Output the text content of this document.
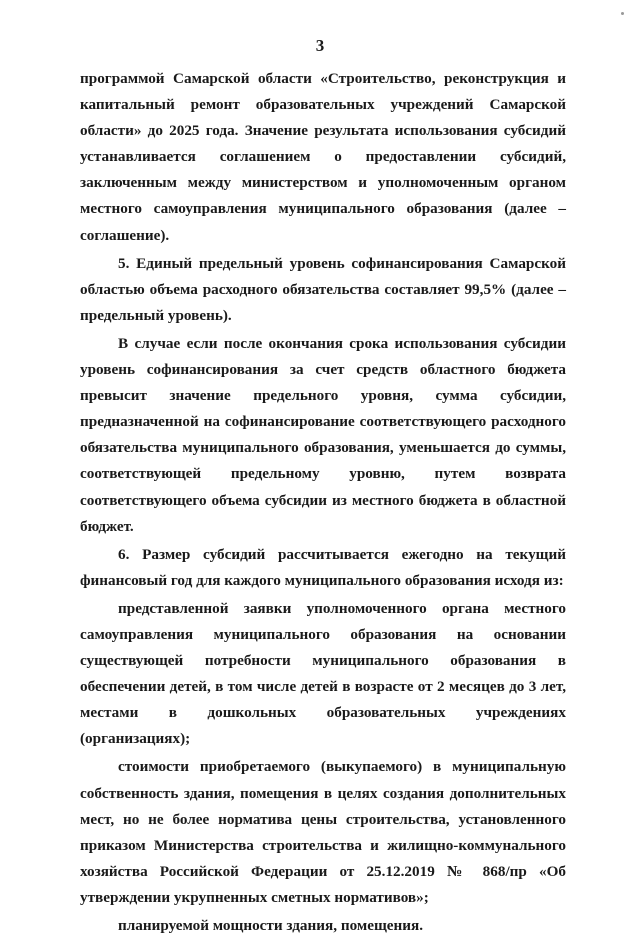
3

программой Самарской области «Строительство, реконструкция и капитальный ремонт образовательных учреждений Самарской области» до 2025 года. Значение результата использования субсидий устанавливается соглашением о предоставлении субсидий, заключенным между министерством и уполномоченным органом местного самоуправления муниципального образования (далее – соглашение).

5. Единый предельный уровень софинансирования Самарской областью объема расходного обязательства составляет 99,5% (далее – предельный уровень).

В случае если после окончания срока использования субсидии уровень софинансирования за счет средств областного бюджета превысит значение предельного уровня, сумма субсидии, предназначенной на софинансирование соответствующего расходного обязательства муниципального образования, уменьшается до суммы, соответствующей предельному уровню, путем возврата соответствующего объема субсидии из местного бюджета в областной бюджет.

6. Размер субсидий рассчитывается ежегодно на текущий финансовый год для каждого муниципального образования исходя из:

представленной заявки уполномоченного органа местного самоуправления муниципального образования на основании существующей потребности муниципального образования в обеспечении детей, в том числе детей в возрасте от 2 месяцев до 3 лет, местами в дошкольных образовательных учреждениях (организациях);

стоимости приобретаемого (выкупаемого) в муниципальную собственность здания, помещения в целях создания дополнительных мест, но не более норматива цены строительства, установленного приказом Министерства строительства и жилищно-коммунального хозяйства Российской Федерации от 25.12.2019 № 868/пр «Об утверждении укрупненных сметных нормативов»;

планируемой мощности здания, помещения.
